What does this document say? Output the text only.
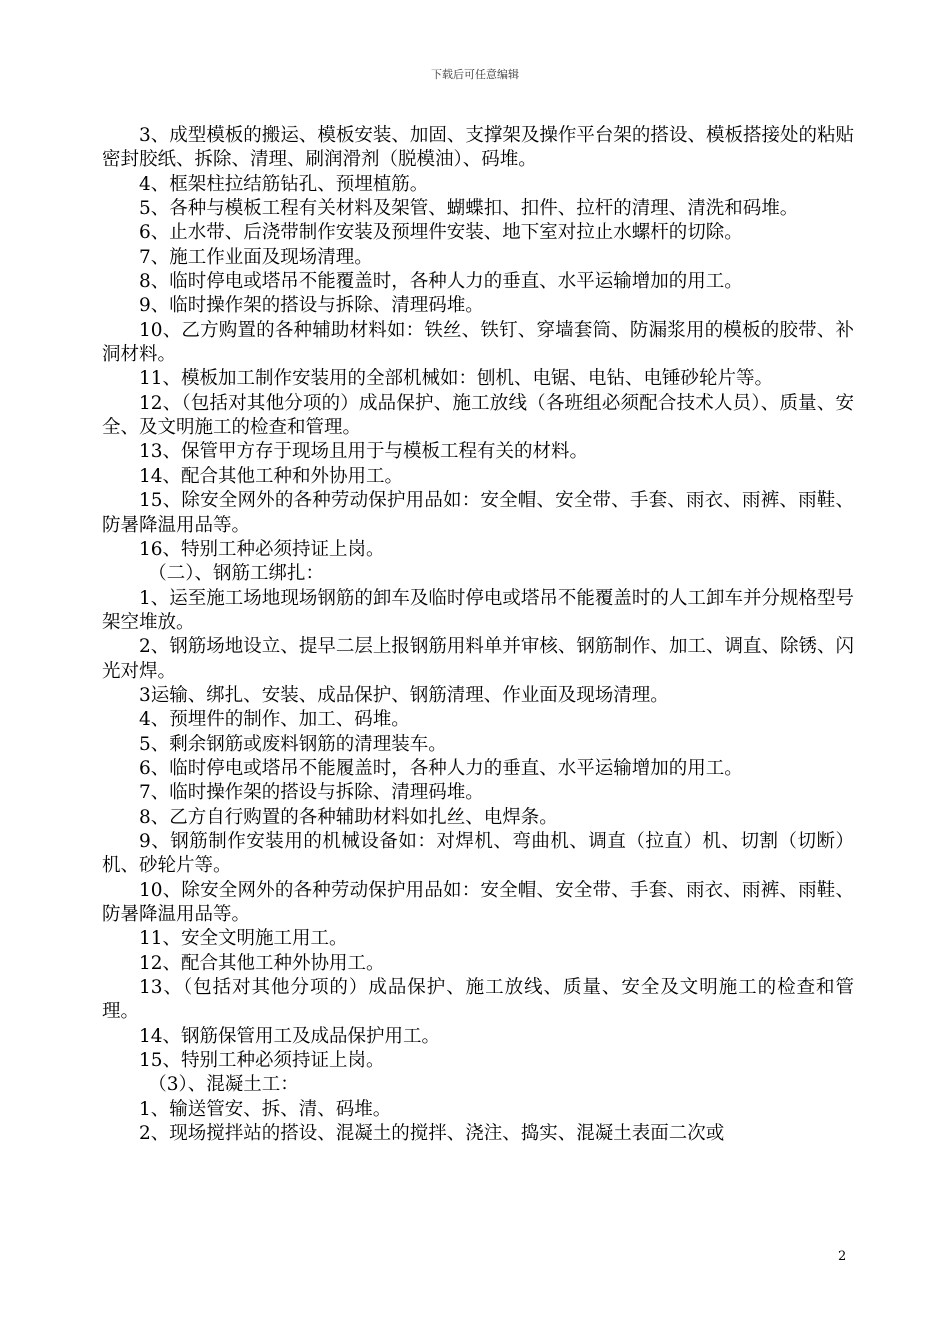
下载后可任意编辑

3、成型模板的搬运、模板安装、加固、支撑架及操作平台架的搭设、模板搭接处的粘贴密封胶纸、拆除、清理、刷润滑剂（脱模油）、码堆。

4、框架柱拉结筋钻孔、预埋植筋。

5、各种与模板工程有关材料及架管、蝴蝶扣、扣件、拉杆的清理、清洗和码堆。

6、止水带、后浇带制作安装及预埋件安装、地下室对拉止水螺杆的切除。

7、施工作业面及现场清理。

8、临时停电或塔吊不能覆盖时，各种人力的垂直、水平运输增加的用工。

9、临时操作架的搭设与拆除、清理码堆。

10、乙方购置的各种辅助材料如：铁丝、铁钉、穿墙套筒、防漏浆用的模板的胶带、补洞材料。

11、模板加工制作安装用的全部机械如：刨机、电锯、电钻、电锤砂轮片等。

12、（包括对其他分项的）成品保护、施工放线（各班组必须配合技术人员）、质量、安全、及文明施工的检查和管理。

13、保管甲方存于现场且用于与模板工程有关的材料。

14、配合其他工种和外协用工。

15、除安全网外的各种劳动保护用品如：安全帽、安全带、手套、雨衣、雨裤、雨鞋、防暑降温用品等。

16、特别工种必须持证上岗。

（二）、钢筋工绑扎：

1、运至施工场地现场钢筋的卸车及临时停电或塔吊不能覆盖时的人工卸车并分规格型号架空堆放。

2、钢筋场地设立、提早二层上报钢筋用料单并审核、钢筋制作、加工、调直、除锈、闪光对焊。

3运输、绑扎、安装、成品保护、钢筋清理、作业面及现场清理。

4、预埋件的制作、加工、码堆。

5、剩余钢筋或废料钢筋的清理装车。

6、临时停电或塔吊不能履盖时，各种人力的垂直、水平运输增加的用工。

7、临时操作架的搭设与拆除、清理码堆。

8、乙方自行购置的各种辅助材料如扎丝、电焊条。

9、钢筋制作安装用的机械设备如：对焊机、弯曲机、调直（拉直）机、切割（切断）机、砂轮片等。

10、除安全网外的各种劳动保护用品如：安全帽、安全带、手套、雨衣、雨裤、雨鞋、防暑降温用品等。

11、安全文明施工用工。

12、配合其他工种外协用工。

13、（包括对其他分项的）成品保护、施工放线、质量、安全及文明施工的检查和管理。

14、钢筋保管用工及成品保护用工。

15、特别工种必须持证上岗。

（3）、混凝土工：

1、输送管安、拆、清、码堆。

2、现场搅拌站的搭设、混凝土的搅拌、浇注、捣实、混凝土表面二次或

2
